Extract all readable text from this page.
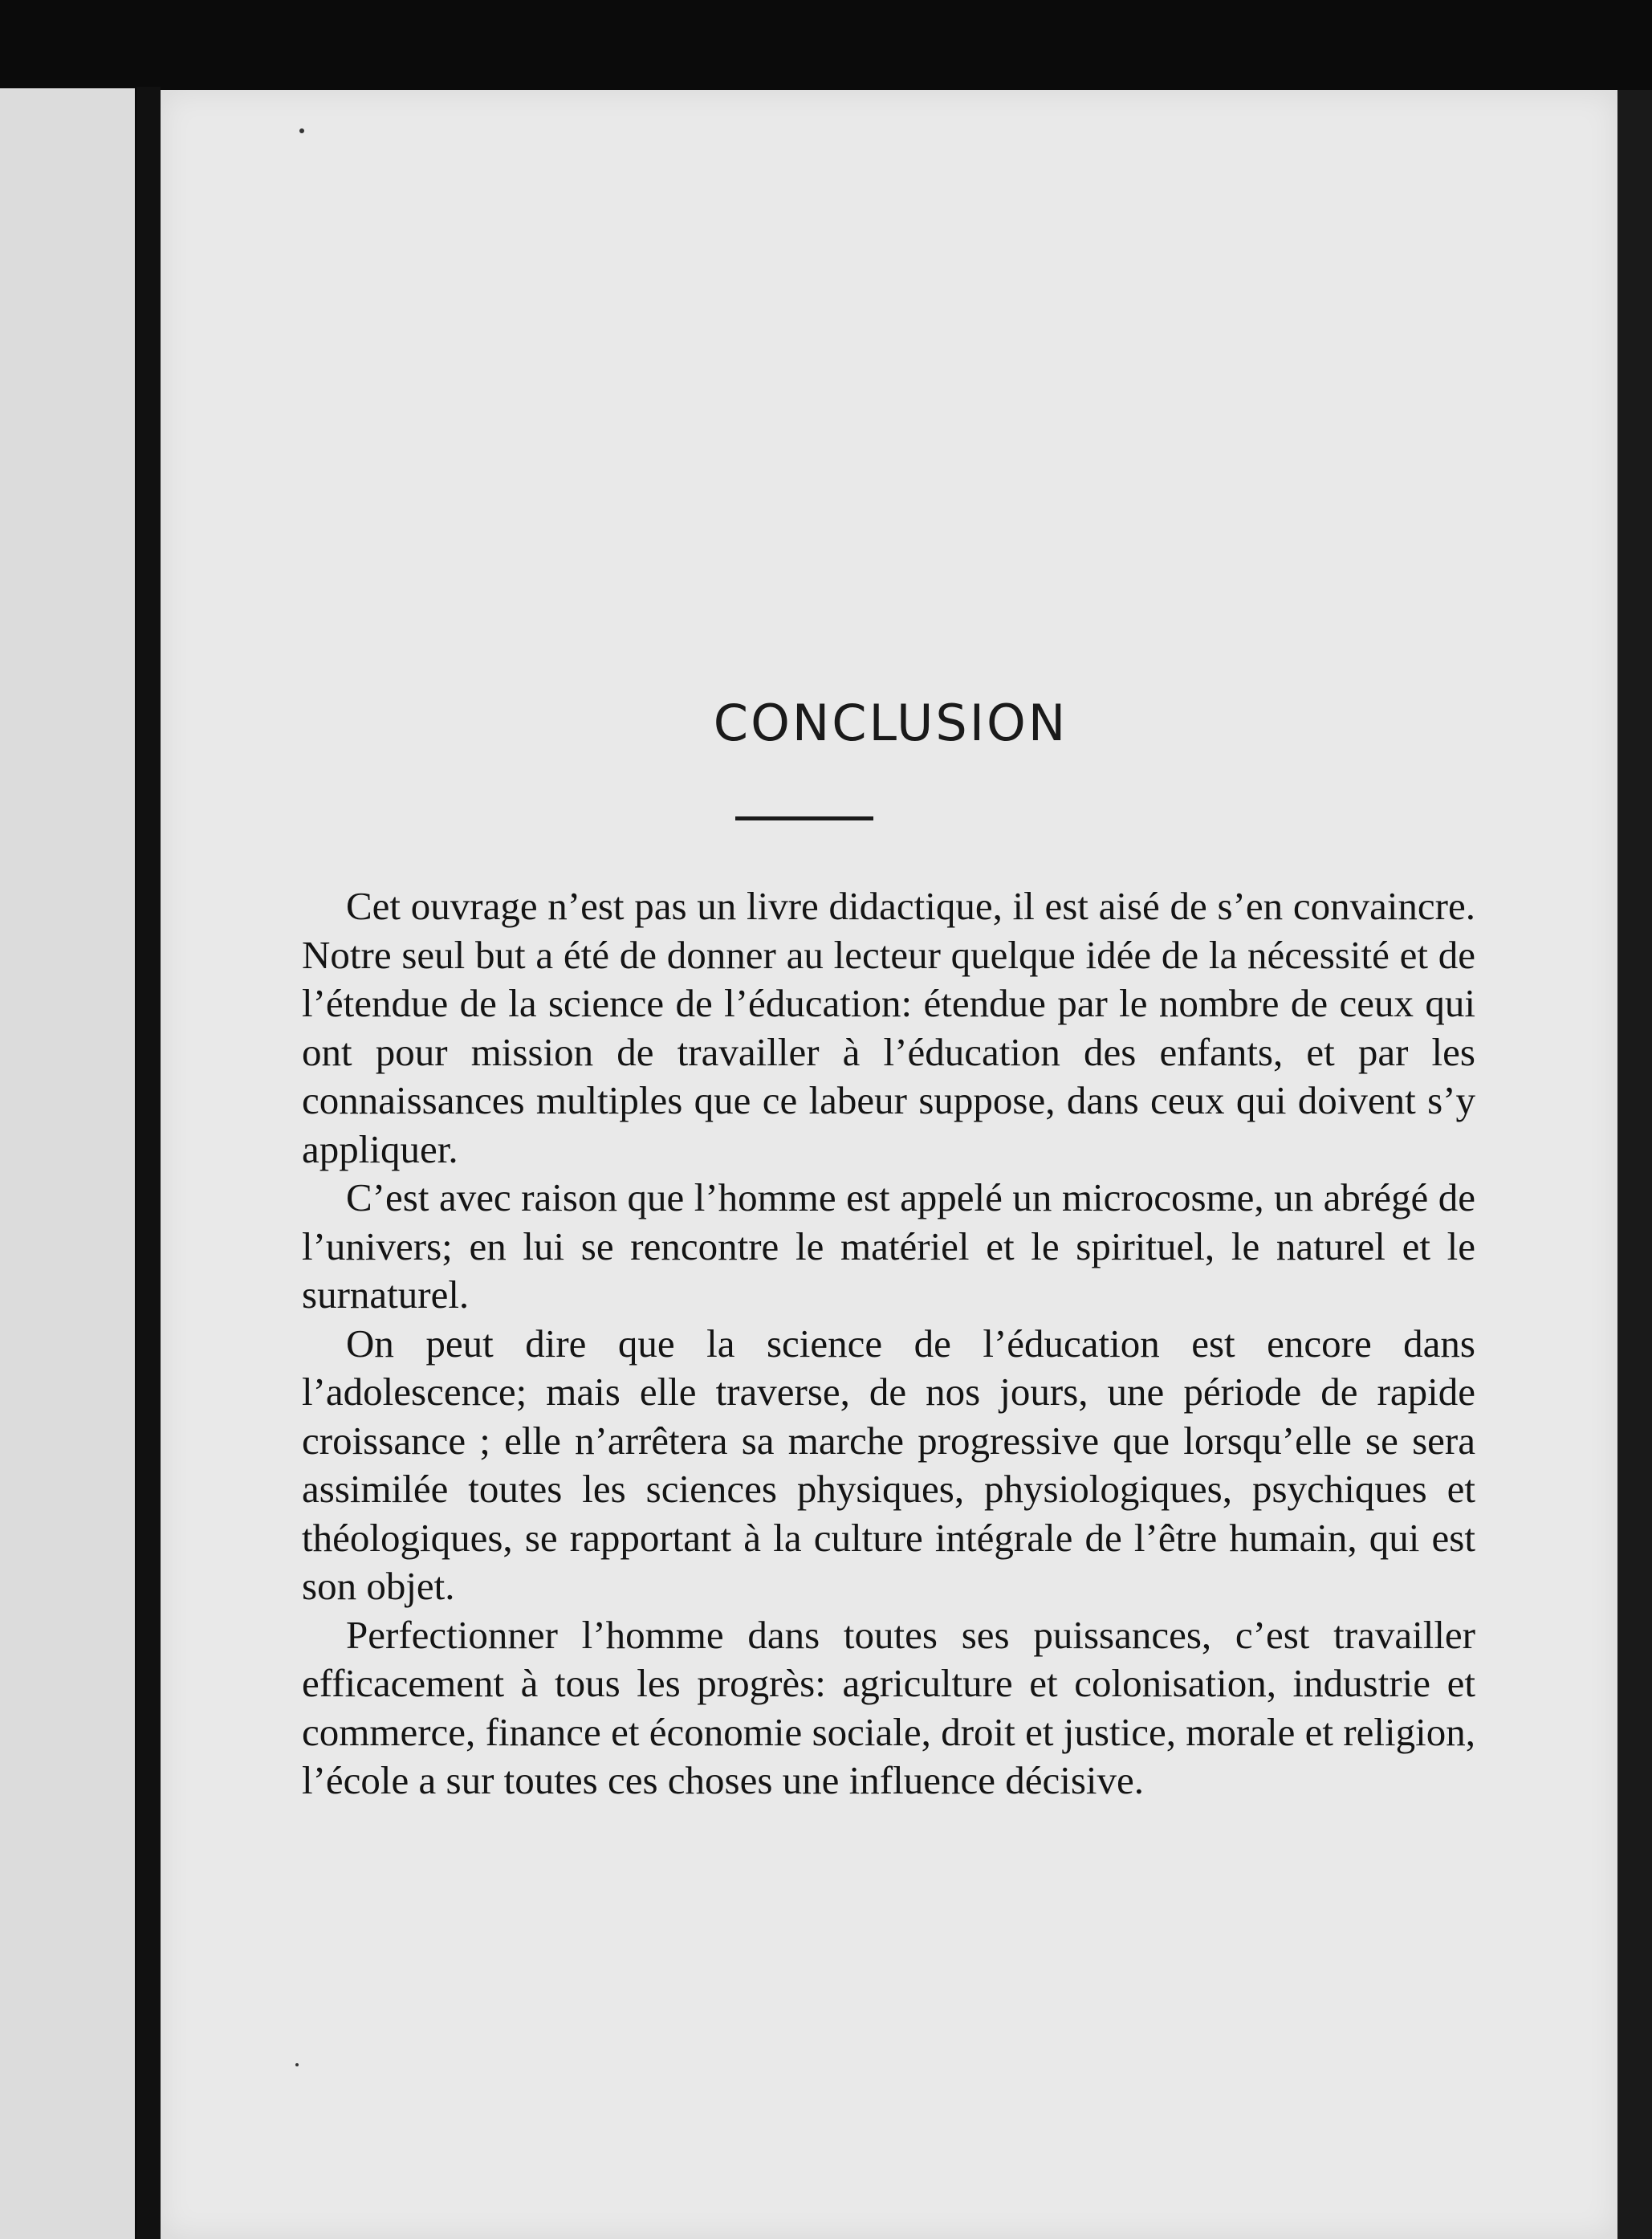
CONCLUSION

Cet ouvrage n’est pas un livre didactique, il est aisé de s’en convaincre. Notre seul but a été de donner au lecteur quelque idée de la nécessité et de l’étendue de la science de l’éducation: étendue par le nombre de ceux qui ont pour mission de travailler à l’éducation des enfants, et par les connaissances multiples que ce labeur suppose, dans ceux qui doivent s’y appliquer.

C’est avec raison que l’homme est appelé un microcosme, un abrégé de l’univers; en lui se rencontre le matériel et le spirituel, le naturel et le surnaturel.

On peut dire que la science de l’éducation est encore dans l’adolescence; mais elle traverse, de nos jours, une période de rapide croissance ; elle n’arrêtera sa marche progressive que lorsqu’elle se sera assimilée toutes les sciences physiques, physiologiques, psychiques et théologiques, se rapportant à la culture intégrale de l’être humain, qui est son objet.

Perfectionner l’homme dans toutes ses puissances, c’est travailler efficacement à tous les progrès: agriculture et colonisation, industrie et commerce, finance et économie sociale, droit et justice, morale et religion, l’école a sur toutes ces choses une influence décisive.
